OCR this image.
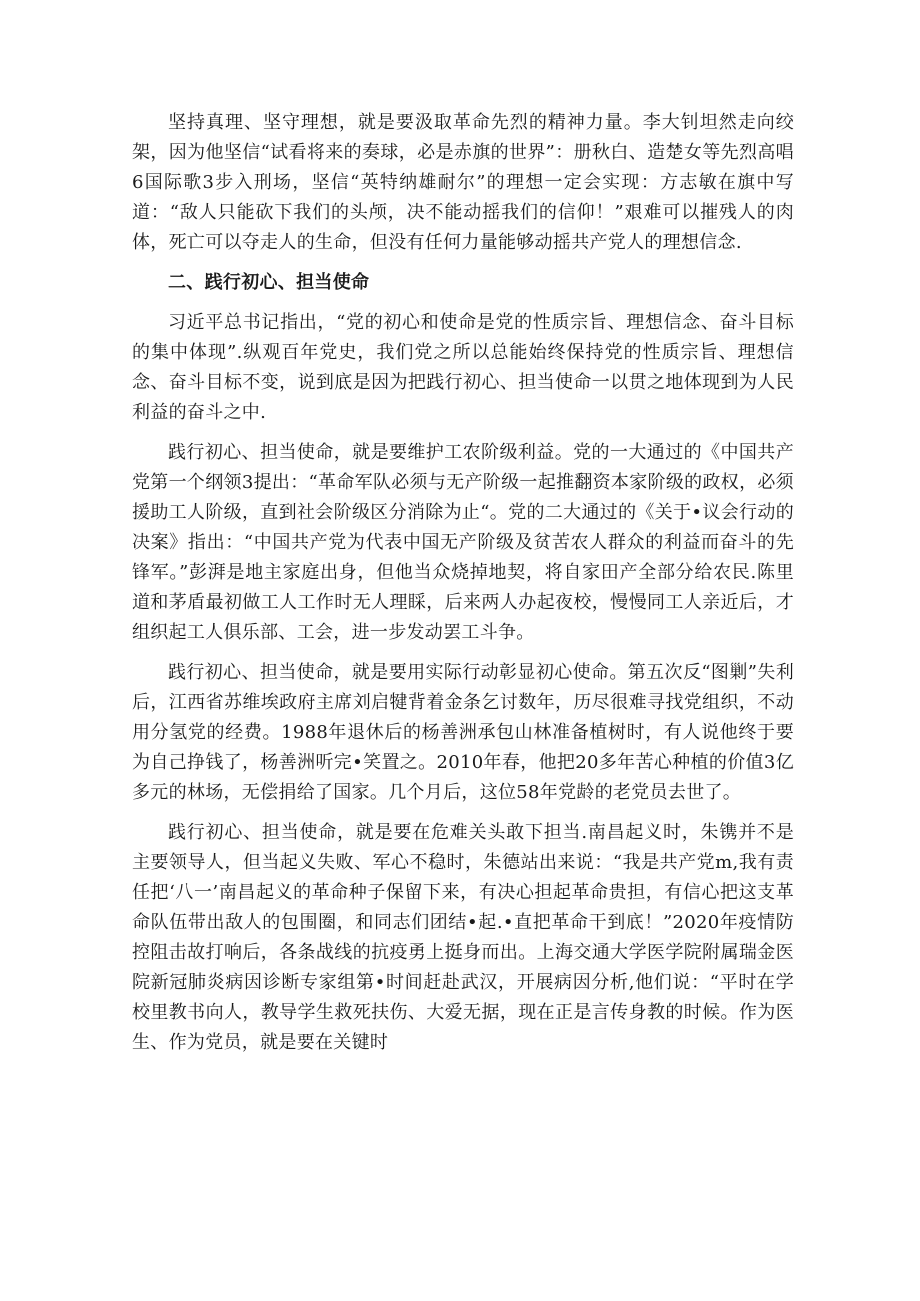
坚持真理、坚守理想，就是要汲取革命先烈的精神力量。李大钊坦然走向绞架，因为他坚信“试看将来的奏球，必是赤旗的世界”：册秋白、造楚女等先烈高唱6国际歌3步入刑场，坚信“英特纳雄耐尔”的理想一定会实现：方志敏在旗中写道：“敌人只能砍下我们的头颅，决不能动摇我们的信仰！”艰难可以摧残人的肉体，死亡可以夺走人的生命，但没有任何力量能够动摇共产党人的理想信念.

二、践行初心、担当使命

习近平总书记指出，“党的初心和使命是党的性质宗旨、理想信念、奋斗目标的集中体现”.纵观百年党史，我们党之所以总能始终保持党的性质宗旨、理想信念、奋斗目标不变，说到底是因为把践行初心、担当使命一以贯之地体现到为人民利益的奋斗之中.

践行初心、担当使命，就是要维护工农阶级利益。党的一大通过的《中国共产党第一个纲领3提出：“革命军队必须与无产阶级一起推翻资本家阶级的政权，必须援助工人阶级，直到社会阶级区分消除为止“。党的二大通过的《关于•议会行动的决案》指出：“中国共产党为代表中国无产阶级及贫苦农人群众的利益而奋斗的先锋军。”彭湃是地主家庭出身，但他当众烧掉地契，将自家田产全部分给农民.陈里道和茅盾最初做工人工作时无人理睬，后来两人办起夜校，慢慢同工人亲近后，才组织起工人俱乐部、工会，进一步发动罢工斗争。

践行初心、担当使命，就是要用实际行动彰显初心使命。第五次反“图剿”失利后，江西省苏维埃政府主席刘启犍背着金条乞讨数年，历尽很难寻找党组织，不动用分氢党的经费。1988年退休后的杨善洲承包山林准备植树时，有人说他终于要为自己挣钱了，杨善洲听完•笑置之。2010年春，他把20多年苦心种植的价值3亿多元的林场，无偿捐给了国家。几个月后，这位58年党龄的老党员去世了。

践行初心、担当使命，就是要在危难关头敢下担当.南昌起义时，朱镌并不是主要领导人，但当起义失败、军心不稳时，朱德站出来说：“我是共产党m,我有责任把‘八一’南昌起义的革命种子保留下来，有决心担起革命贵担，有信心把这支革命队伍带出敌人的包围圈，和同志们团结•起.•直把革命干到底！”2020年疫情防控阻击故打响后，各条战线的抗疫勇上挺身而出。上海交通大学医学院附属瑞金医院新冠肺炎病因诊断专家组第•时间赶赴武汉，开展病因分析,他们说：“平时在学校里教书向人，教导学生救死扶伤、大爱无据，现在正是言传身教的时候。作为医生、作为党员，就是要在关键时
